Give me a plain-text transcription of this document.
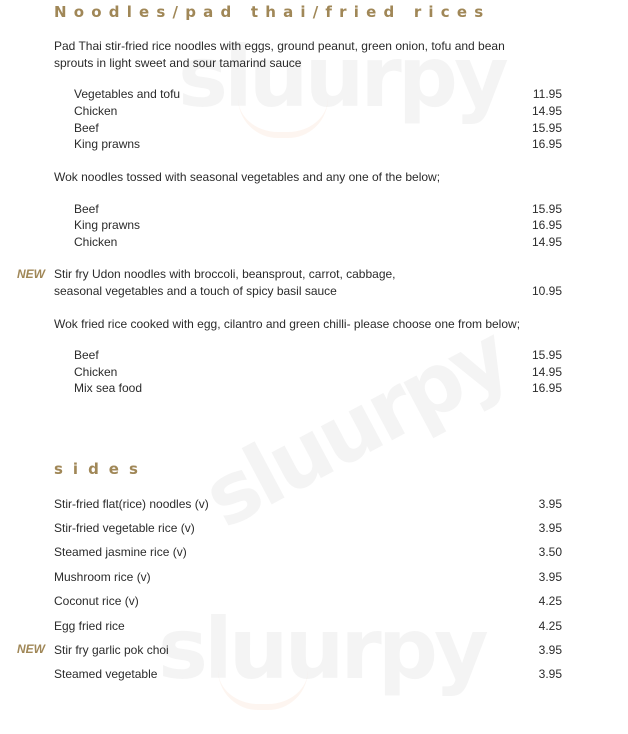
Noodles/pad thai/fried rices
Pad Thai stir-fried rice noodles with eggs, ground peanut, green onion, tofu and bean sprouts in light sweet and sour tamarind sauce
Vegetables and tofu	11.95
Chicken	14.95
Beef	15.95
King prawns	16.95
Wok noodles tossed with seasonal vegetables and any one of the below;
Beef	15.95
King prawns	16.95
Chicken	14.95
NEW Stir fry Udon noodles with broccoli, beansprout, carrot, cabbage,
seasonal vegetables and a touch of spicy basil sauce	10.95
Wok fried rice cooked with egg, cilantro and green chilli- please choose one from below;
Beef	15.95
Chicken	14.95
Mix sea food	16.95
sides
Stir-fried flat(rice) noodles (v)	3.95
Stir-fried vegetable rice (v)	3.95
Steamed jasmine rice (v)	3.50
Mushroom rice (v)	3.95
Coconut rice (v)	4.25
Egg fried rice	4.25
NEW Stir fry garlic pok choi	3.95
Steamed vegetable	3.95
